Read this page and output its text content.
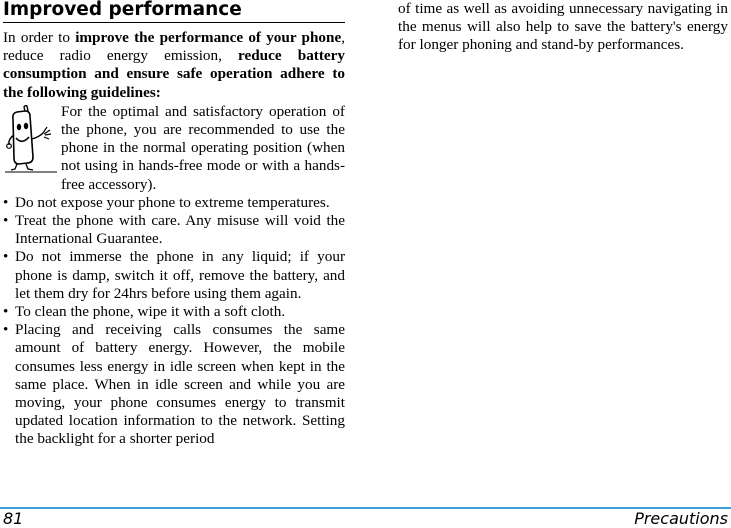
Improved performance

In order to improve the performance of your phone, reduce radio energy emission, reduce battery consumption and ensure safe operation adhere to the following guidelines:

For the optimal and satisfactory operation of the phone, you are recommended to use the phone in the normal operating position (when not using in hands-free mode or with a hands-free accessory).
• Do not expose your phone to extreme temperatures.
• Treat the phone with care. Any misuse will void the International Guarantee.
• Do not immerse the phone in any liquid; if your phone is damp, switch it off, remove the battery, and let them dry for 24hrs before using them again.
• To clean the phone, wipe it with a soft cloth.
• Placing and receiving calls consumes the same amount of battery energy. However, the mobile consumes less energy in idle screen when kept in the same place. When in idle screen and while you are moving, your phone consumes energy to transmit updated location information to the network. Setting the backlight for a shorter period

of time as well as avoiding unnecessary navigating in the menus will also help to save the battery's energy for longer phoning and stand-by performances.

81	Precautions
